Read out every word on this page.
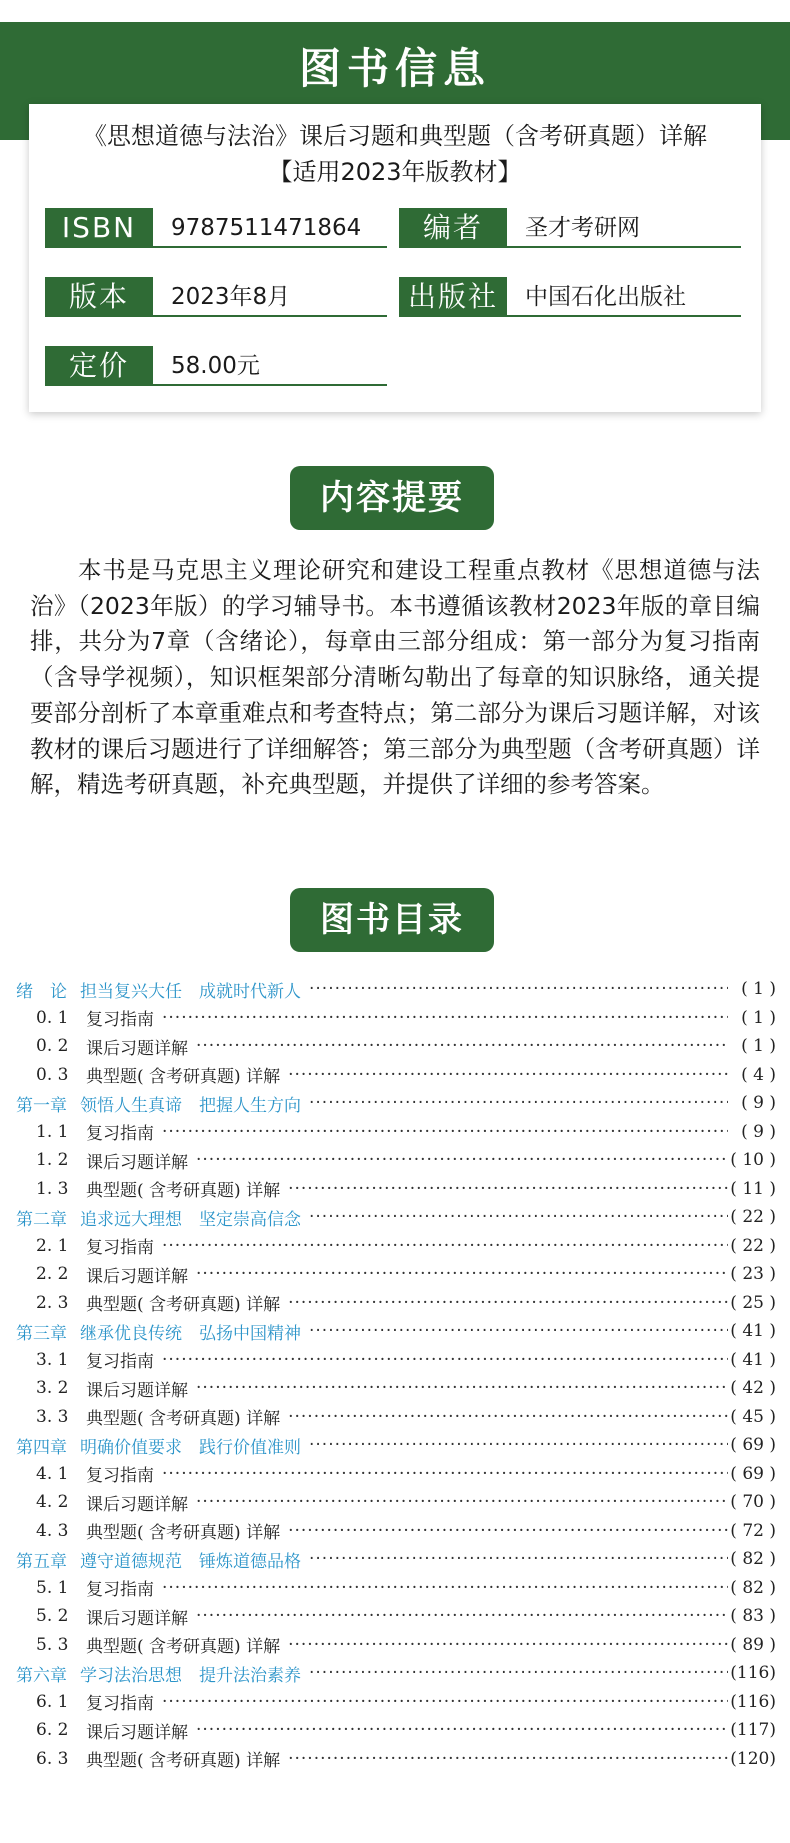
图书信息
《思想道德与法治》课后习题和典型题（含考研真题）详解
【适用2023年版教材】
ISBN	9787511471864	编者	圣才考研网
版本	2023年8月	出版社	中国石化出版社
定价	58.00元
内容提要
本书是马克思主义理论研究和建设工程重点教材《思想道德与法治》（2023年版）的学习辅导书。本书遵循该教材2023年版的章目编排，共分为7章（含绪论），每章由三部分组成：第一部分为复习指南（含导学视频），知识框架部分清晰勾勒出了每章的知识脉络，通关提要部分剖析了本章重难点和考查特点；第二部分为课后习题详解，对该教材的课后习题进行了详细解答；第三部分为典型题（含考研真题）详解，精选考研真题，补充典型题，并提供了详细的参考答案。
图书目录
绪　论 担当复兴大任　成就时代新人 ·····	( 1 )
0. 1	复习指南 ·····	( 1 )
0. 2	课后习题详解 ·····	( 1 )
0. 3	典型题( 含考研真题) 详解 ·····	( 4 )
第一章 领悟人生真谛　把握人生方向 ·····	( 9 )
1. 1	复习指南 ·····	( 9 )
1. 2	课后习题详解 ·····	( 10 )
1. 3	典型题( 含考研真题) 详解 ·····	( 11 )
第二章 追求远大理想　坚定崇高信念 ·····	( 22 )
2. 1	复习指南 ·····	( 22 )
2. 2	课后习题详解 ·····	( 23 )
2. 3	典型题( 含考研真题) 详解 ·····	( 25 )
第三章 继承优良传统　弘扬中国精神 ·····	( 41 )
3. 1	复习指南 ·····	( 41 )
3. 2	课后习题详解 ·····	( 42 )
3. 3	典型题( 含考研真题) 详解 ·····	( 45 )
第四章 明确价值要求　践行价值准则 ·····	( 69 )
4. 1	复习指南 ·····	( 69 )
4. 2	课后习题详解 ·····	( 70 )
4. 3	典型题( 含考研真题) 详解 ·····	( 72 )
第五章 遵守道德规范　锤炼道德品格 ·····	( 82 )
5. 1	复习指南 ·····	( 82 )
5. 2	课后习题详解 ·····	( 83 )
5. 3	典型题( 含考研真题) 详解 ·····	( 89 )
第六章 学习法治思想　提升法治素养 ·····	(116)
6. 1	复习指南 ·····	(116)
6. 2	课后习题详解 ·····	(117)
6. 3	典型题( 含考研真题) 详解 ·····	(120)
